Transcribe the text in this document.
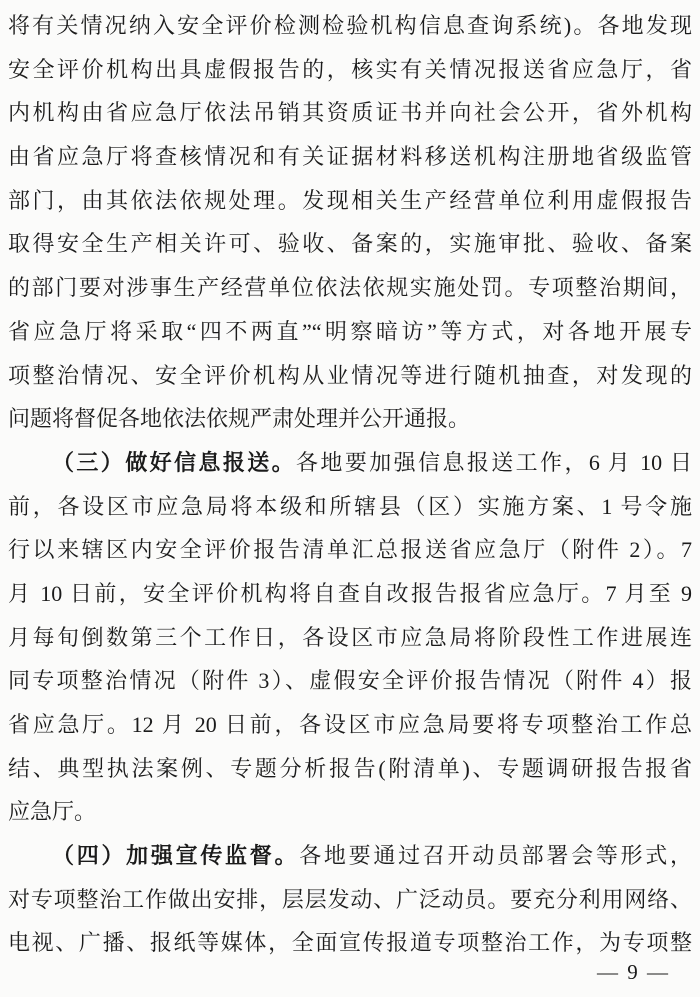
将有关情况纳入安全评价检测检验机构信息查询系统)。各地发现
安全评价机构出具虚假报告的，核实有关情况报送省应急厅，省
内机构由省应急厅依法吊销其资质证书并向社会公开，省外机构
由省应急厅将查核情况和有关证据材料移送机构注册地省级监管
部门，由其依法依规处理。发现相关生产经营单位利用虚假报告
取得安全生产相关许可、验收、备案的，实施审批、验收、备案
的部门要对涉事生产经营单位依法依规实施处罚。专项整治期间，
省应急厅将采取“四不两直”“明察暗访”等方式，对各地开展专
项整治情况、安全评价机构从业情况等进行随机抽查，对发现的
问题将督促各地依法依规严肃处理并公开通报。
（三）做好信息报送。各地要加强信息报送工作，6 月 10 日
前，各设区市应急局将本级和所辖县（区）实施方案、1 号令施
行以来辖区内安全评价报告清单汇总报送省应急厅（附件 2）。7
月 10 日前，安全评价机构将自查自改报告报省应急厅。7 月至 9
月每旬倒数第三个工作日，各设区市应急局将阶段性工作进展连
同专项整治情况（附件 3）、虚假安全评价报告情况（附件 4）报
省应急厅。12 月 20 日前，各设区市应急局要将专项整治工作总
结、典型执法案例、专题分析报告(附清单)、专题调研报告报省
应急厅。
（四）加强宣传监督。各地要通过召开动员部署会等形式，
对专项整治工作做出安排，层层发动、广泛动员。要充分利用网络、
电视、广播、报纸等媒体，全面宣传报道专项整治工作，为专项整
— 9 —
